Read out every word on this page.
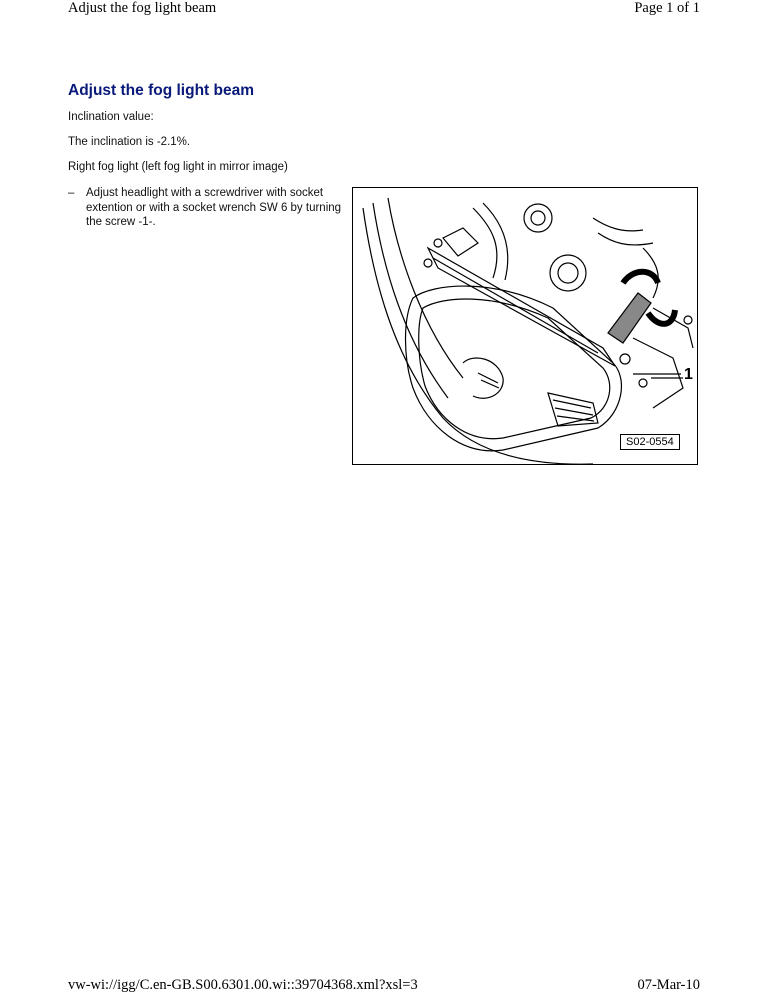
Adjust the fog light beam	Page 1 of 1
Adjust the fog light beam
Inclination value:
The inclination is -2.1%.
Right fog light (left fog light in mirror image)
–	Adjust headlight with a screwdriver with socket extention or with a socket wrench SW 6 by turning the screw -1-.
1
S02-0554
vw-wi://igg/C.en-GB.S00.6301.00.wi::39704368.xml?xsl=3	07-Mar-10
